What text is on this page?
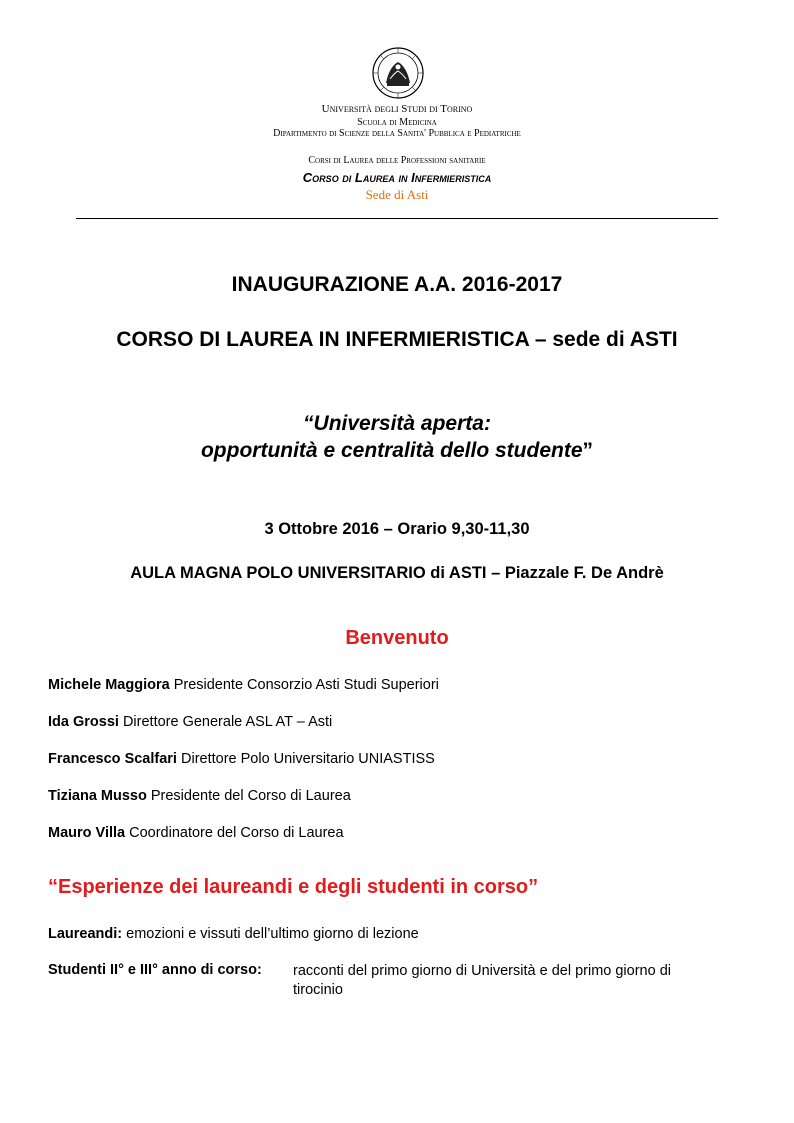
Università degli Studi di Torino
Scuola di Medicina
Dipartimento di Scienze della Sanita' Pubblica e Pediatriche
Corsi di Laurea delle Professioni sanitarie
Corso di Laurea in Infermieristica
Sede di Asti
INAUGURAZIONE A.A. 2016-2017
CORSO DI LAUREA IN INFERMIERISTICA – sede di ASTI
“Università aperta:
opportunità e centralità dello studente”
3 Ottobre 2016 – Orario 9,30-11,30
AULA MAGNA POLO UNIVERSITARIO di ASTI – Piazzale F. De Andrè
Benvenuto
Michele Maggiora Presidente Consorzio Asti Studi Superiori
Ida Grossi Direttore Generale ASL AT – Asti
Francesco Scalfari Direttore Polo Universitario UNIASTISS
Tiziana Musso Presidente del Corso di Laurea
Mauro Villa Coordinatore del Corso di Laurea
“Esperienze dei laureandi e degli studenti in corso”
Laureandi: emozioni e vissuti dell’ultimo giorno di lezione
Studenti II° e III° anno di corso: racconti del primo giorno di Università e del primo giorno di tirocinio
